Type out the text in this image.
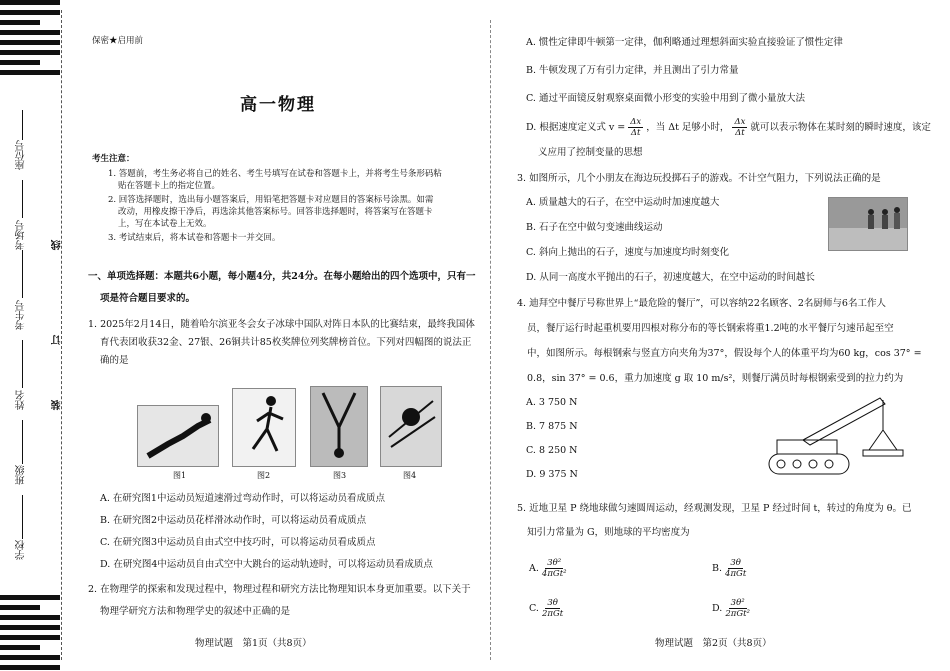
座位号
考场号
考生号
姓名
班级
学校
线
订
装
保密★启用前
高一物理
考生注意：
1. 答题前，考生务必将自己的姓名、考生号填写在试卷和答题卡上，并将考生号条形码粘
贴在答题卡上的指定位置。
2. 回答选择题时，选出每小题答案后，用铅笔把答题卡对应题目的答案标号涂黑。如需
改动，用橡皮擦干净后，再选涂其他答案标号。回答非选择题时，将答案写在答题卡
上，写在本试卷上无效。
3. 考试结束后，将本试卷和答题卡一并交回。
一、单项选择题：本题共6小题，每小题4分，共24分。在每小题给出的四个选项中，只有一
项是符合题目要求的。
1. 2025年2月14日，随着哈尔滨亚冬会女子冰球中国队对阵日本队的比赛结束，最终我国体
育代表团收获32金、27银、26铜共计85枚奖牌位列奖牌榜首位。下列对四幅图的说法正
确的是
图1	图2	图3	图4
A. 在研究图1中运动员短道速滑过弯动作时，可以将运动员看成质点
B. 在研究图2中运动员花样滑冰动作时，可以将运动员看成质点
C. 在研究图3中运动员自由式空中技巧时，可以将运动员看成质点
D. 在研究图4中运动员自由式空中大跳台的运动轨迹时，可以将运动员看成质点
2. 在物理学的探索和发现过程中，物理过程和研究方法比物理知识本身更加重要。以下关于
物理学研究方法和物理学史的叙述中正确的是
物理试题　第1页（共8页）
A. 惯性定律即牛顿第一定律，伽利略通过理想斜面实验直接验证了惯性定律
B. 牛顿发现了万有引力定律，并且测出了引力常量
C. 通过平面镜反射观察桌面微小形变的实验中用到了微小量放大法
D. 根据速度定义式 $v = \frac{\Delta x}{\Delta t}$ ，当 Δt 足够小时， $\frac{\Delta x}{\Delta t}$ 就可以表示物体在某时刻的瞬时速度，该定
义应用了控制变量的思想
3. 如图所示，几个小朋友在海边玩投掷石子的游戏。不计空气阻力，下列说法正确的是
A. 质量越大的石子，在空中运动时加速度越大
B. 石子在空中做匀变速曲线运动
C. 斜向上抛出的石子，速度与加速度均时刻变化
D. 从同一高度水平抛出的石子，初速度越大，在空中运动的时间越长
4. 迪拜空中餐厅号称世界上“最危险的餐厅”，可以容纳22名顾客、2名厨师与6名工作人
员，餐厅运行时起重机要用四根对称分布的等长钢索将重1.2吨的水平餐厅匀速吊起至空
中，如图所示。每根钢索与竖直方向夹角为37°，假设每个人的体重平均为60 kg，cos 37° =
0.8，sin 37° = 0.6，重力加速度 g 取 10 m/s²，则餐厅满员时每根钢索受到的拉力约为
A. 3 750 N
B. 7 875 N
C. 8 250 N
D. 9 375 N
5. 近地卫星 P 绕地球做匀速圆周运动，经观测发现，卫星 P 经过时间 t，转过的角度为 θ。已
知引力常量为 G，则地球的平均密度为
A. $\frac{\text{3θ²}}{\text{4πGt²}}$	B. $\frac{3\theta}{\text{4πGt}}$
C. $\frac{3\theta}{\text{2πGt}}$	D. $\frac{\text{3θ²}}{\text{2πGt²}}$
物理试题　第2页（共8页）
